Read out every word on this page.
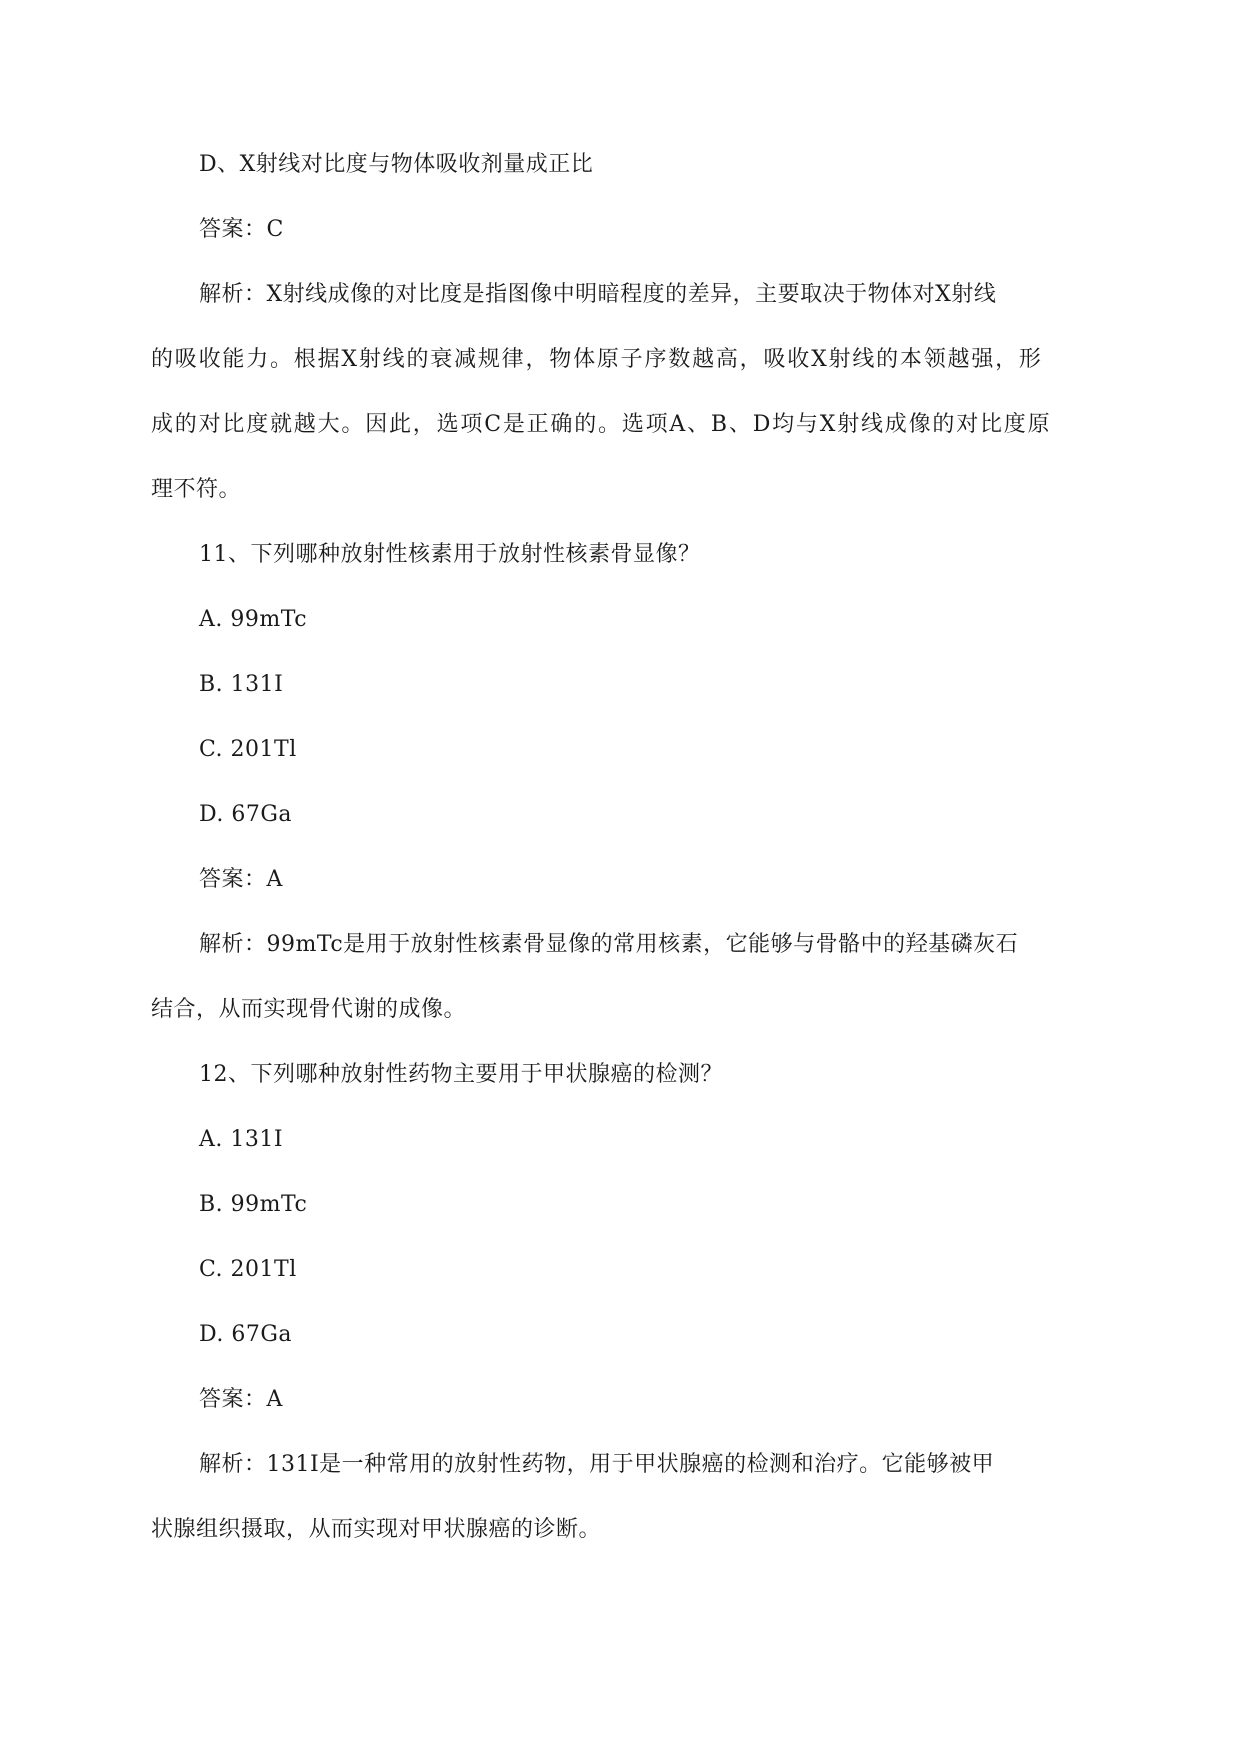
D、X射线对比度与物体吸收剂量成正比
答案：C
解析：X射线成像的对比度是指图像中明暗程度的差异，主要取决于物体对X射线
的吸收能力。根据X射线的衰减规律，物体原子序数越高，吸收X射线的本领越强，形
成的对比度就越大。因此，选项C是正确的。选项A、B、D均与X射线成像的对比度原
理不符。
11、下列哪种放射性核素用于放射性核素骨显像？
A. 99mTc
B. 131I
C. 201Tl
D. 67Ga
答案：A
解析：99mTc是用于放射性核素骨显像的常用核素，它能够与骨骼中的羟基磷灰石
结合，从而实现骨代谢的成像。
12、下列哪种放射性药物主要用于甲状腺癌的检测？
A. 131I
B. 99mTc
C. 201Tl
D. 67Ga
答案：A
解析：131I是一种常用的放射性药物，用于甲状腺癌的检测和治疗。它能够被甲
状腺组织摄取，从而实现对甲状腺癌的诊断。
